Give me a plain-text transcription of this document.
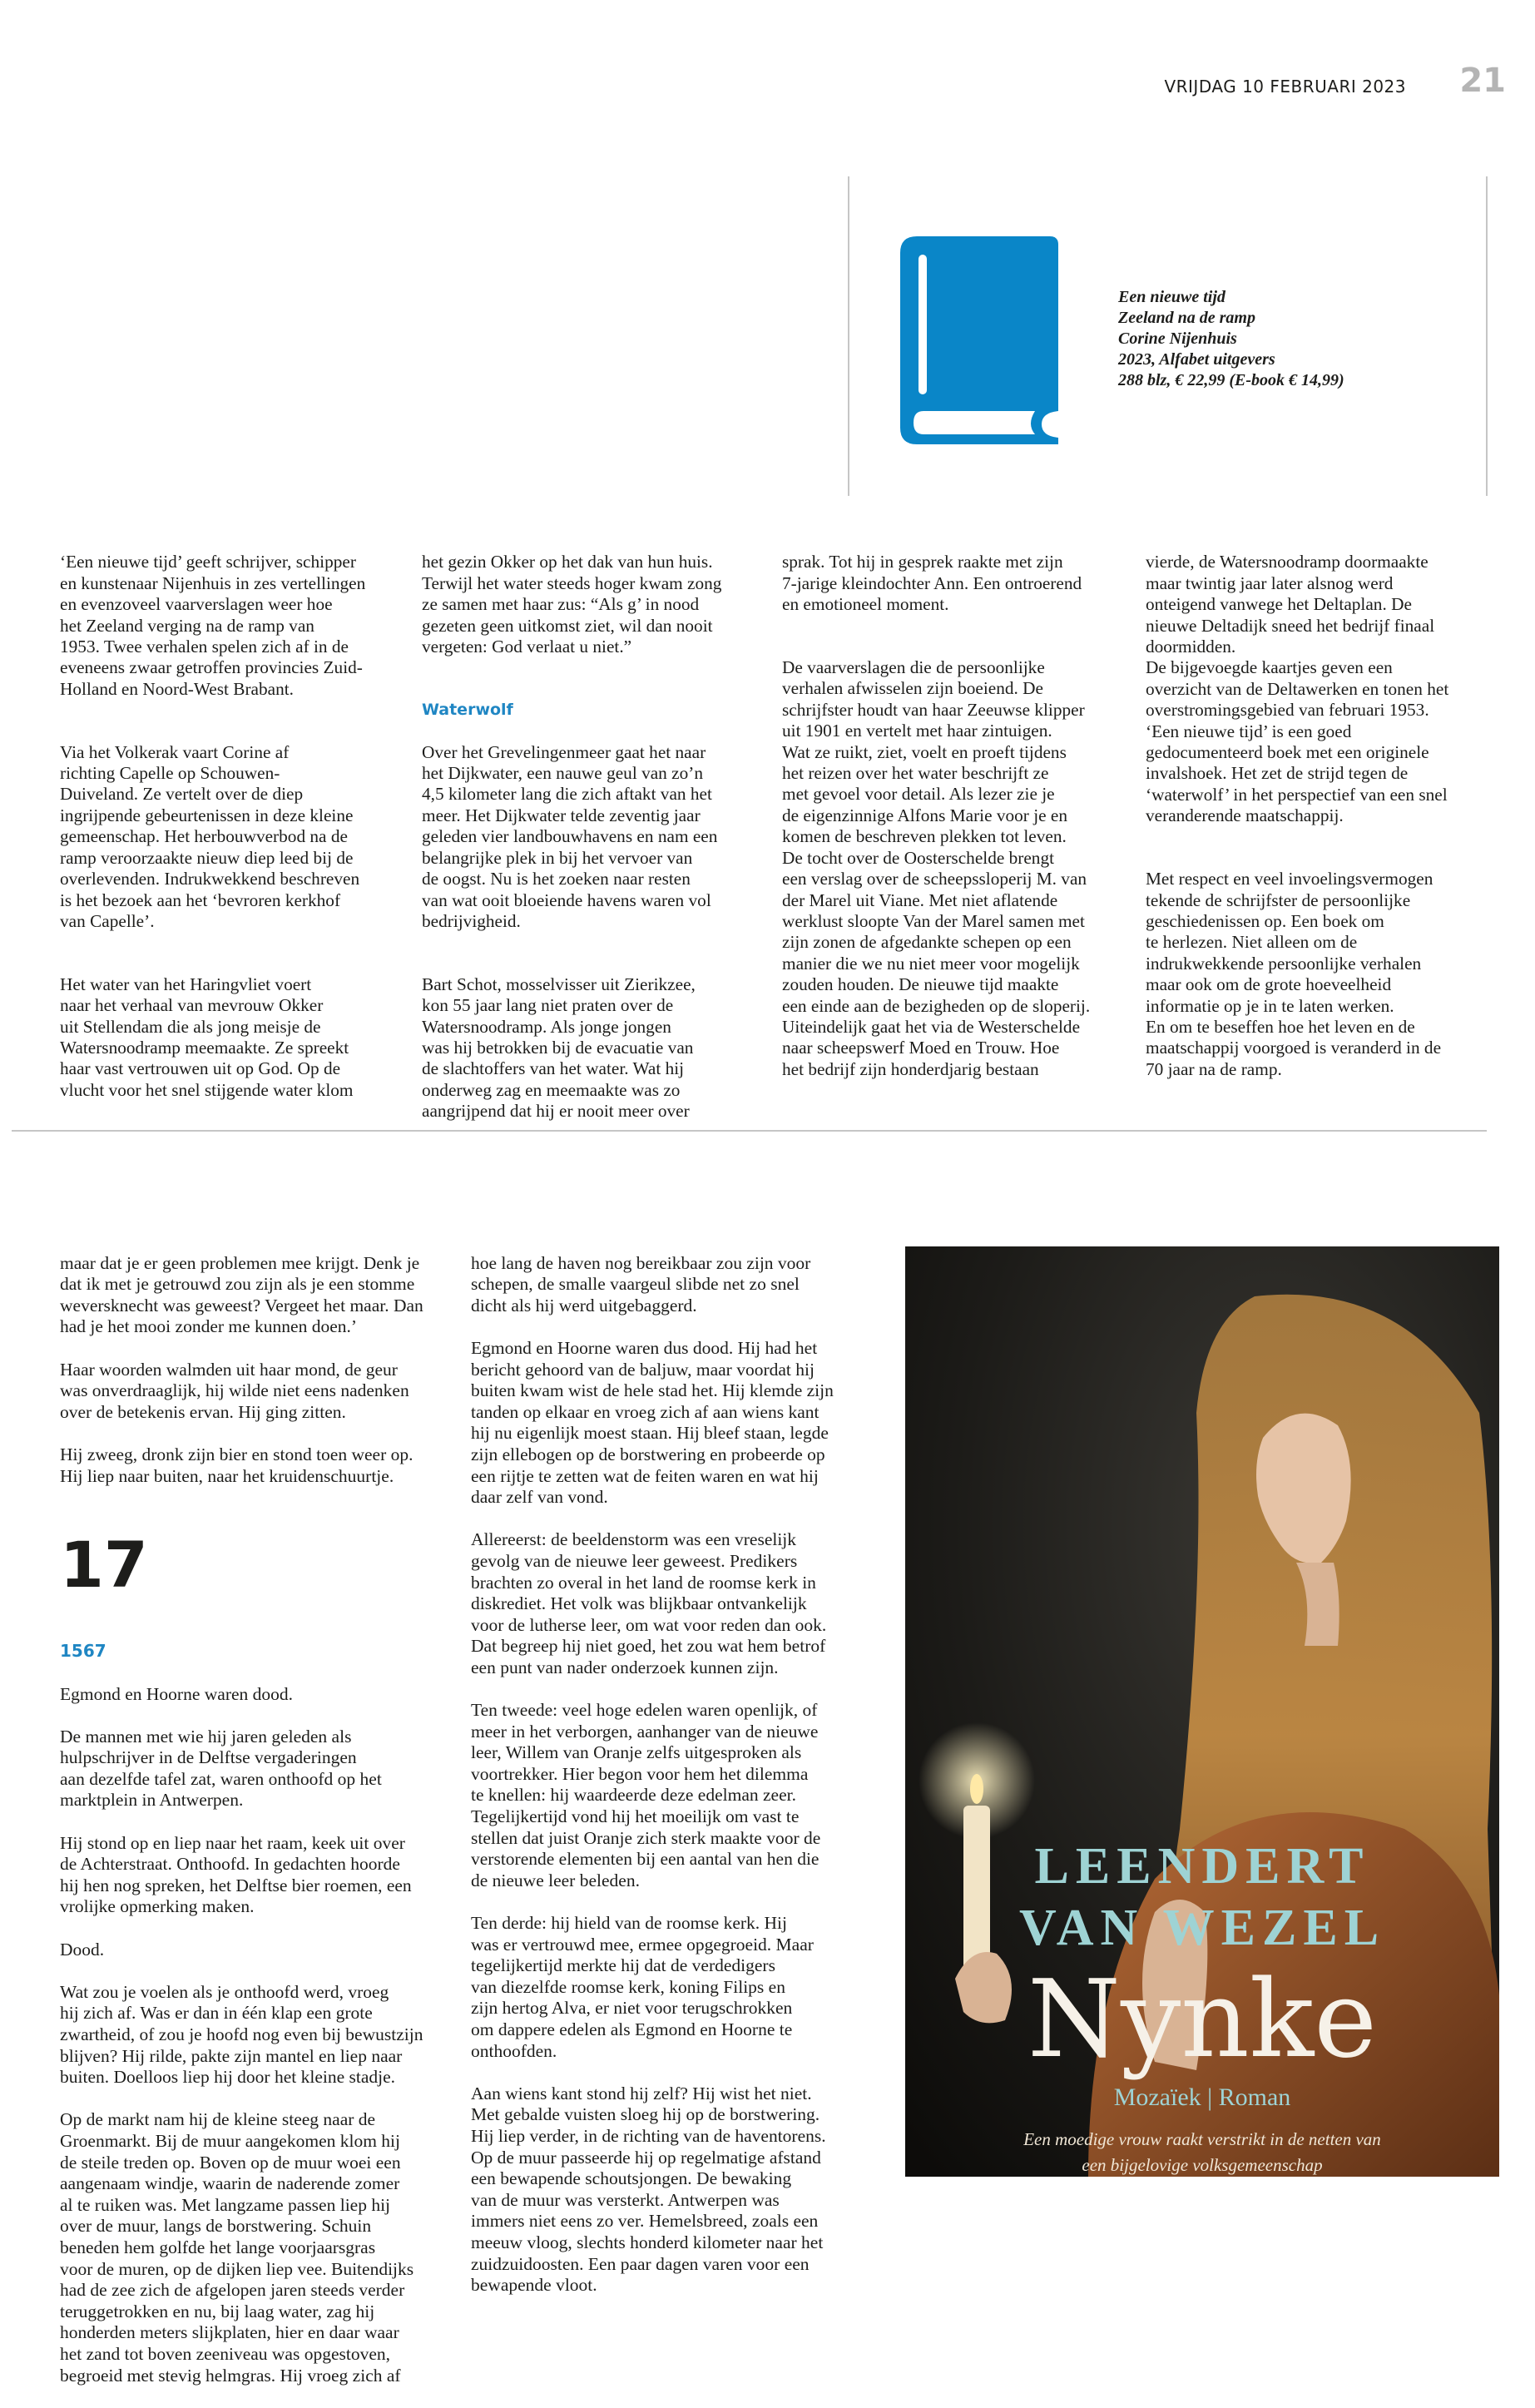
VRIJDAG 10 FEBRUARI 2023	21
Een nieuwe tijd
Zeeland na de ramp
Corine Nijenhuis
2023, Alfabet uitgevers
288 blz, € 22,99 (E-book € 14,99)

‘Een nieuwe tijd’ geeft schrijver, schipper
en kunstenaar Nijenhuis in zes vertellingen
en evenzoveel vaarverslagen weer hoe
het Zeeland verging na de ramp van
1953. Twee verhalen spelen zich af in de
eveneens zwaar getroffen provincies Zuid-
Holland en Noord-West Brabant.

Via het Volkerak vaart Corine af
richting Capelle op Schouwen-
Duiveland. Ze vertelt over de diep
ingrijpende gebeurtenissen in deze kleine
gemeenschap. Het herbouwverbod na de
ramp veroorzaakte nieuw diep leed bij de
overlevenden. Indrukwekkend beschreven
is het bezoek aan het ‘bevroren kerkhof
van Capelle’.

Het water van het Haringvliet voert
naar het verhaal van mevrouw Okker
uit Stellendam die als jong meisje de
Watersnoodramp meemaakte. Ze spreekt
haar vast vertrouwen uit op God. Op de
vlucht voor het snel stijgende water klom

het gezin Okker op het dak van hun huis.
Terwijl het water steeds hoger kwam zong
ze samen met haar zus: “Als g’ in nood
gezeten geen uitkomst ziet, wil dan nooit
vergeten: God verlaat u niet.”

Waterwolf

Over het Grevelingenmeer gaat het naar
het Dijkwater, een nauwe geul van zo’n
4,5 kilometer lang die zich aftakt van het
meer. Het Dijkwater telde zeventig jaar
geleden vier landbouwhavens en nam een
belangrijke plek in bij het vervoer van
de oogst. Nu is het zoeken naar resten
van wat ooit bloeiende havens waren vol
bedrijvigheid.

Bart Schot, mosselvisser uit Zierikzee,
kon 55 jaar lang niet praten over de
Watersnoodramp. Als jonge jongen
was hij betrokken bij de evacuatie van
de slachtoffers van het water. Wat hij
onderweg zag en meemaakte was zo
aangrijpend dat hij er nooit meer over

sprak. Tot hij in gesprek raakte met zijn
7-jarige kleindochter Ann. Een ontroerend
en emotioneel moment.

De vaarverslagen die de persoonlijke
verhalen afwisselen zijn boeiend. De
schrijfster houdt van haar Zeeuwse klipper
uit 1901 en vertelt met haar zintuigen.
Wat ze ruikt, ziet, voelt en proeft tijdens
het reizen over het water beschrijft ze
met gevoel voor detail. Als lezer zie je
de eigenzinnige Alfons Marie voor je en
komen de beschreven plekken tot leven.
De tocht over de Oosterschelde brengt
een verslag over de scheepssloperij M. van
der Marel uit Viane. Met niet aflatende
werklust sloopte Van der Marel samen met
zijn zonen de afgedankte schepen op een
manier die we nu niet meer voor mogelijk
zouden houden. De nieuwe tijd maakte
een einde aan de bezigheden op de sloperij.
Uiteindelijk gaat het via de Westerschelde
naar scheepswerf Moed en Trouw. Hoe
het bedrijf zijn honderdjarig bestaan

vierde, de Watersnoodramp doormaakte
maar twintig jaar later alsnog werd
onteigend vanwege het Deltaplan. De
nieuwe Deltadijk sneed het bedrijf finaal
doormidden.
De bijgevoegde kaartjes geven een
overzicht van de Deltawerken en tonen het
overstromingsgebied van februari 1953.
‘Een nieuwe tijd’ is een goed
gedocumenteerd boek met een originele
invalshoek. Het zet de strijd tegen de
‘waterwolf’ in het perspectief van een snel
veranderende maatschappij.

Met respect en veel invoelingsvermogen
tekende de schrijfster de persoonlijke
geschiedenissen op. Een boek om
te herlezen. Niet alleen om de
indrukwekkende persoonlijke verhalen
maar ook om de grote hoeveelheid
informatie op je in te laten werken.
En om te beseffen hoe het leven en de
maatschappij voorgoed is veranderd in de
70 jaar na de ramp.

maar dat je er geen problemen mee krijgt. Denk je
dat ik met je getrouwd zou zijn als je een stomme
weversknecht was geweest? Vergeet het maar. Dan
had je het mooi zonder me kunnen doen.’

Haar woorden walmden uit haar mond, de geur
was onverdraaglijk, hij wilde niet eens nadenken
over de betekenis ervan. Hij ging zitten.

Hij zweeg, dronk zijn bier en stond toen weer op.
Hij liep naar buiten, naar het kruidenschuurtje.

17

1567

Egmond en Hoorne waren dood.

De mannen met wie hij jaren geleden als
hulpschrijver in de Delftse vergaderingen
aan dezelfde tafel zat, waren onthoofd op het
marktplein in Antwerpen.

Hij stond op en liep naar het raam, keek uit over
de Achterstraat. Onthoofd. In gedachten hoorde
hij hen nog spreken, het Delftse bier roemen, een
vrolijke opmerking maken.

Dood.

Wat zou je voelen als je onthoofd werd, vroeg
hij zich af. Was er dan in één klap een grote
zwartheid, of zou je hoofd nog even bij bewustzijn
blijven? Hij rilde, pakte zijn mantel en liep naar
buiten. Doelloos liep hij door het kleine stadje.

Op de markt nam hij de kleine steeg naar de
Groenmarkt. Bij de muur aangekomen klom hij
de steile treden op. Boven op de muur woei een
aangenaam windje, waarin de naderende zomer
al te ruiken was. Met langzame passen liep hij
over de muur, langs de borstwering. Schuin
beneden hem golfde het lange voorjaarsgras
voor de muren, op de dijken liep vee. Buitendijks
had de zee zich de afgelopen jaren steeds verder
teruggetrokken en nu, bij laag water, zag hij
honderden meters slijkplaten, hier en daar waar
het zand tot boven zeeniveau was opgestoven,
begroeid met stevig helmgras. Hij vroeg zich af

hoe lang de haven nog bereikbaar zou zijn voor
schepen, de smalle vaargeul slibde net zo snel
dicht als hij werd uitgebaggerd.

Egmond en Hoorne waren dus dood. Hij had het
bericht gehoord van de baljuw, maar voordat hij
buiten kwam wist de hele stad het. Hij klemde zijn
tanden op elkaar en vroeg zich af aan wiens kant
hij nu eigenlijk moest staan. Hij bleef staan, legde
zijn ellebogen op de borstwering en probeerde op
een rijtje te zetten wat de feiten waren en wat hij
daar zelf van vond.

Allereerst: de beeldenstorm was een vreselijk
gevolg van de nieuwe leer geweest. Predikers
brachten zo overal in het land de roomse kerk in
diskrediet. Het volk was blijkbaar ontvankelijk
voor de lutherse leer, om wat voor reden dan ook.
Dat begreep hij niet goed, het zou wat hem betrof
een punt van nader onderzoek kunnen zijn.

Ten tweede: veel hoge edelen waren openlijk, of
meer in het verborgen, aanhanger van de nieuwe
leer, Willem van Oranje zelfs uitgesproken als
voortrekker. Hier begon voor hem het dilemma
te knellen: hij waardeerde deze edelman zeer.
Tegelijkertijd vond hij het moeilijk om vast te
stellen dat juist Oranje zich sterk maakte voor de
verstorende elementen bij een aantal van hen die
de nieuwe leer beleden.

Ten derde: hij hield van de roomse kerk. Hij
was er vertrouwd mee, ermee opgegroeid. Maar
tegelijkertijd merkte hij dat de verdedigers
van diezelfde roomse kerk, koning Filips en
zijn hertog Alva, er niet voor terugschrokken
om dappere edelen als Egmond en Hoorne te
onthoofden.

Aan wiens kant stond hij zelf? Hij wist het niet.
Met gebalde vuisten sloeg hij op de borstwering.
Hij liep verder, in de richting van de haventorens.
Op de muur passeerde hij op regelmatige afstand
een bewapende schoutsjongen. De bewaking
van de muur was versterkt. Antwerpen was
immers niet eens zo ver. Hemelsbreed, zoals een
meeuw vloog, slechts honderd kilometer naar het
zuidzuidoosten. Een paar dagen varen voor een
bewapende vloot.

LEENDERT
VAN WEZEL
Nynke
Mozaïek | Roman
Een moedige vrouw raakt verstrikt in de netten van
een bijgelovige volksgemeenschap
